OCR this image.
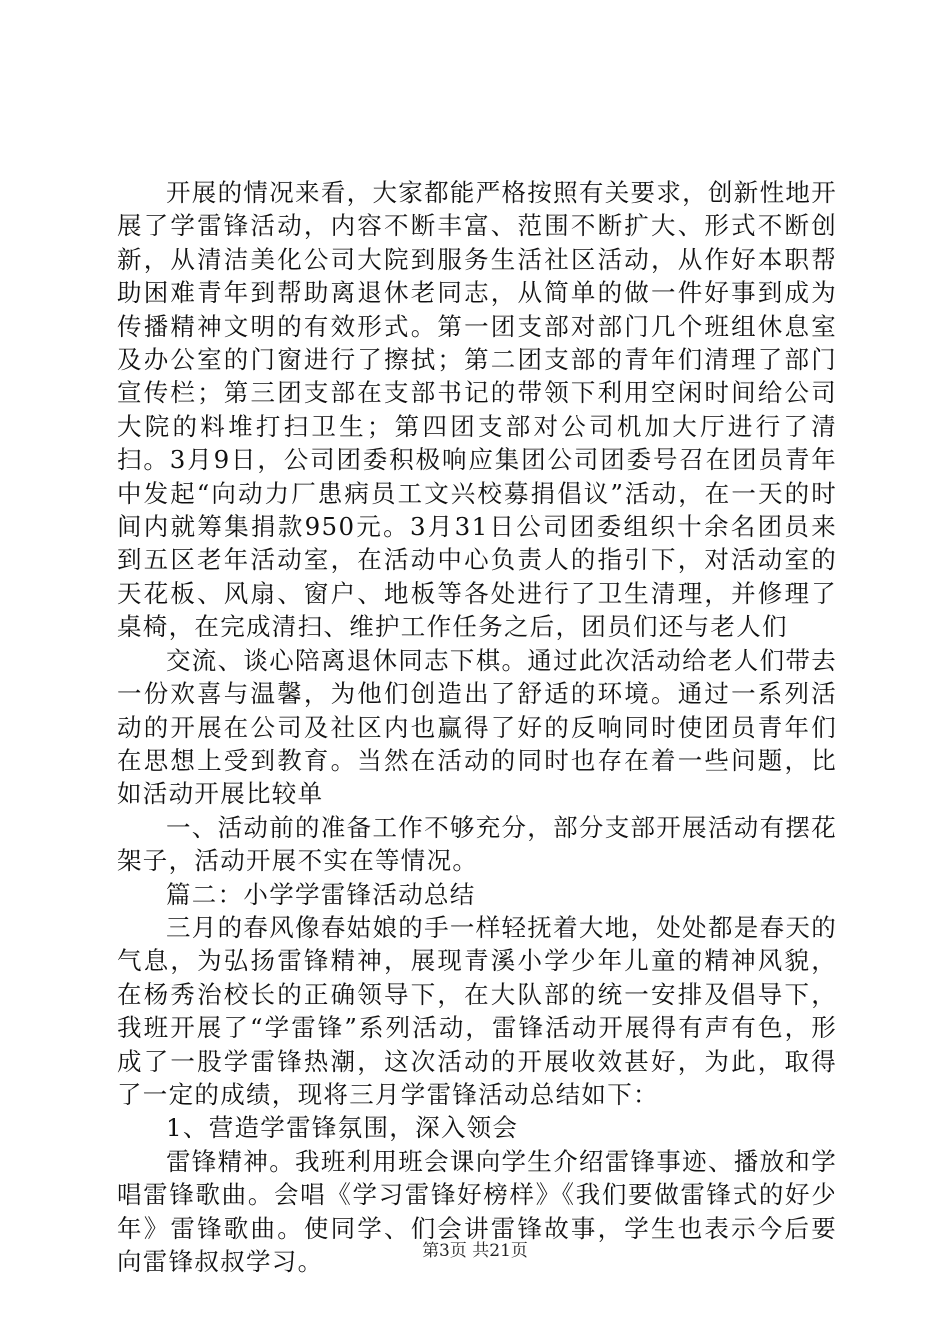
开展的情况来看，大家都能严格按照有关要求，创新性地开展了学雷锋活动，内容不断丰富、范围不断扩大、形式不断创新，从清洁美化公司大院到服务生活社区活动，从作好本职帮助困难青年到帮助离退休老同志，从简单的做一件好事到成为传播精神文明的有效形式。第一团支部对部门几个班组休息室及办公室的门窗进行了擦拭；第二团支部的青年们清理了部门宣传栏；第三团支部在支部书记的带领下利用空闲时间给公司大院的料堆打扫卫生；第四团支部对公司机加大厅进行了清扫。3月9日，公司团委积极响应集团公司团委号召在团员青年中发起“向动力厂患病员工文兴校募捐倡议”活动，在一天的时间内就筹集捐款950元。3月31日公司团委组织十余名团员来到五区老年活动室，在活动中心负责人的指引下，对活动室的天花板、风扇、窗户、地板等各处进行了卫生清理，并修理了桌椅，在完成清扫、维护工作任务之后，团员们还与老人们

交流、谈心陪离退休同志下棋。通过此次活动给老人们带去一份欢喜与温馨，为他们创造出了舒适的环境。通过一系列活动的开展在公司及社区内也赢得了好的反响同时使团员青年们在思想上受到教育。当然在活动的同时也存在着一些问题，比如活动开展比较单

一、活动前的准备工作不够充分，部分支部开展活动有摆花架子，活动开展不实在等情况。

篇二：小学学雷锋活动总结

三月的春风像春姑娘的手一样轻抚着大地，处处都是春天的气息，为弘扬雷锋精神，展现青溪小学少年儿童的精神风貌，在杨秀治校长的正确领导下，在大队部的统一安排及倡导下，我班开展了“学雷锋”系列活动，雷锋活动开展得有声有色，形成了一股学雷锋热潮，这次活动的开展收效甚好，为此，取得了一定的成绩，现将三月学雷锋活动总结如下：

1、营造学雷锋氛围，深入领会

雷锋精神。我班利用班会课向学生介绍雷锋事迹、播放和学唱雷锋歌曲。会唱《学习雷锋好榜样》《我们要做雷锋式的好少年》雷锋歌曲。使同学、们会讲雷锋故事，学生也表示今后要向雷锋叔叔学习。	第3页 共21页
